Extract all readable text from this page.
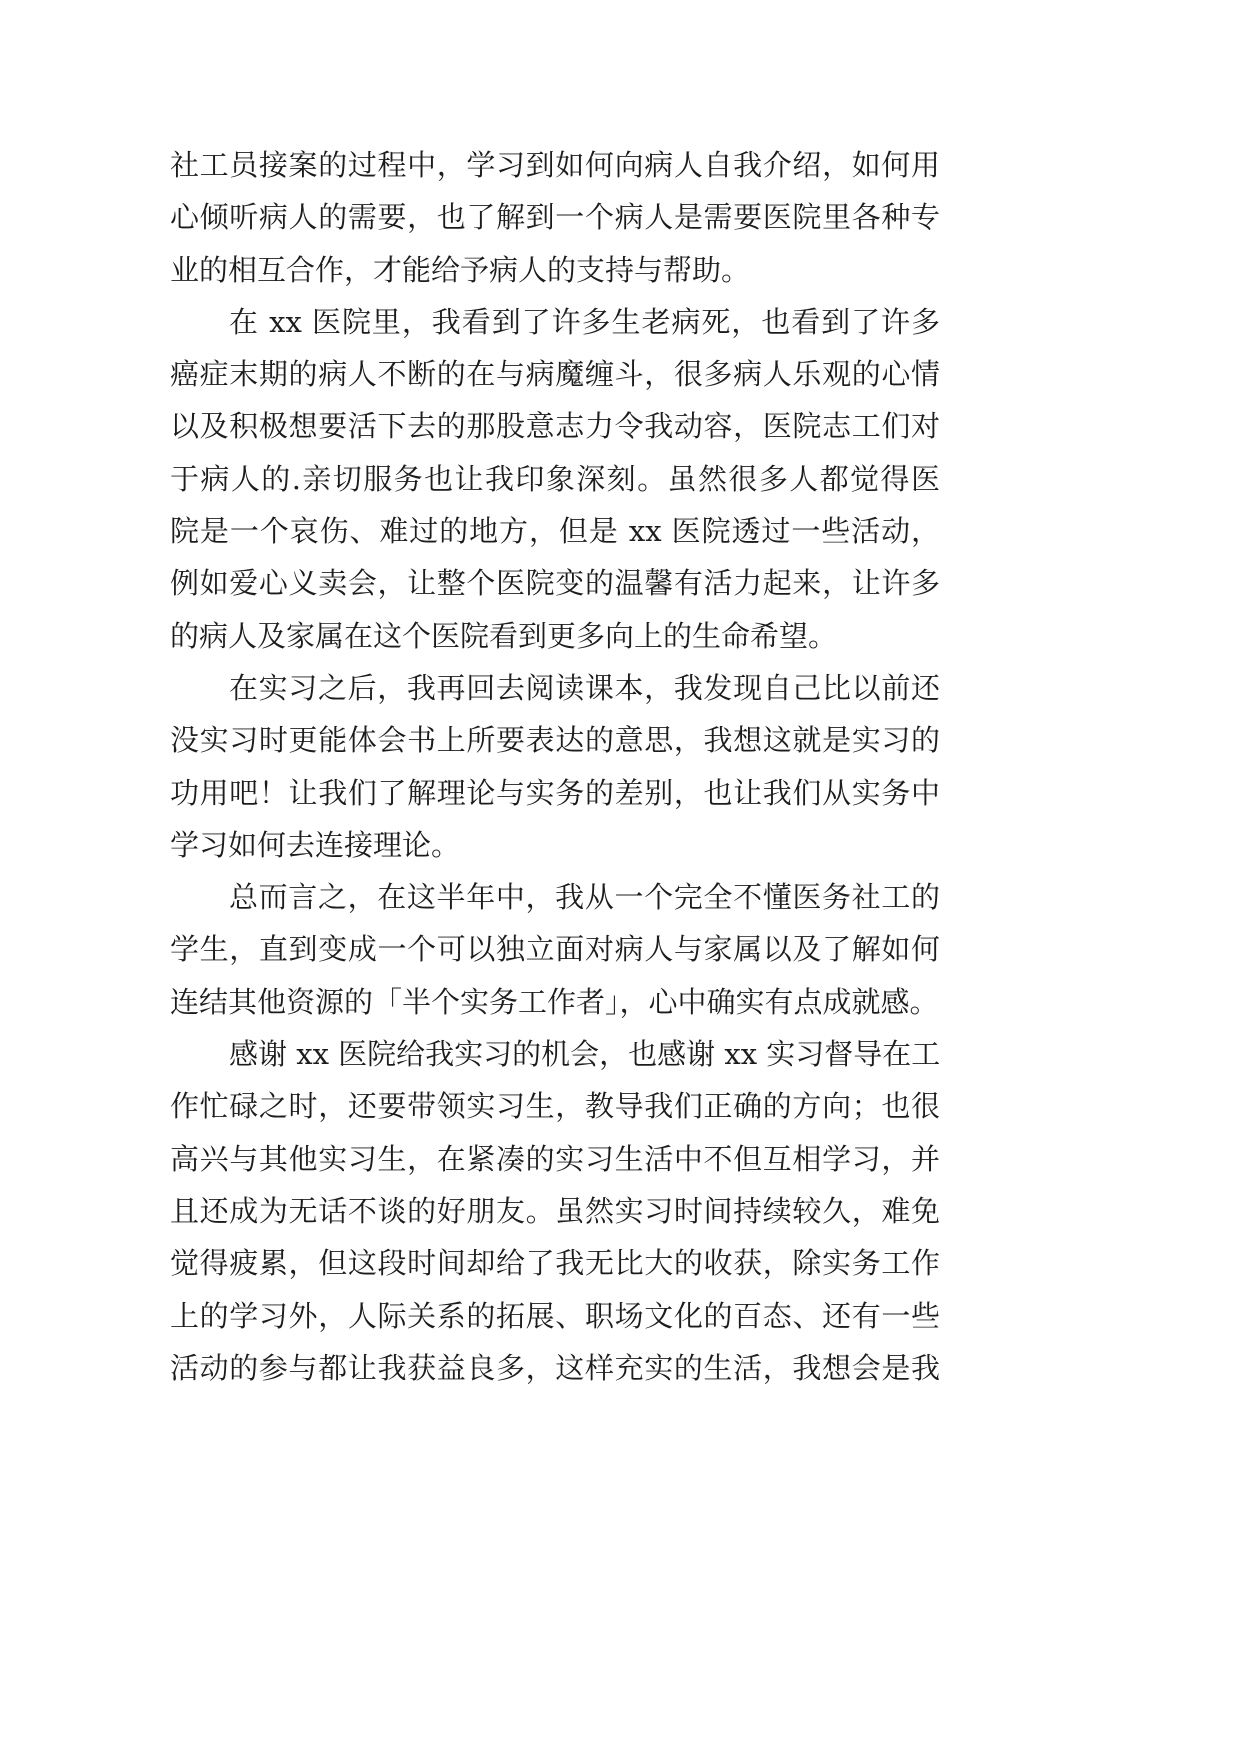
社工员接案的过程中，学习到如何向病人自我介绍，如何用
心倾听病人的需要，也了解到一个病人是需要医院里各种专
业的相互合作，才能给予病人的支持与帮助。
在 xx 医院里，我看到了许多生老病死，也看到了许多
癌症末期的病人不断的在与病魔缠斗，很多病人乐观的心情
以及积极想要活下去的那股意志力令我动容，医院志工们对
于病人的.亲切服务也让我印象深刻。虽然很多人都觉得医
院是一个哀伤、难过的地方，但是 xx 医院透过一些活动，
例如爱心义卖会，让整个医院变的温馨有活力起来，让许多
的病人及家属在这个医院看到更多向上的生命希望。
在实习之后，我再回去阅读课本，我发现自己比以前还
没实习时更能体会书上所要表达的意思，我想这就是实习的
功用吧！让我们了解理论与实务的差别，也让我们从实务中
学习如何去连接理论。
总而言之，在这半年中，我从一个完全不懂医务社工的
学生，直到变成一个可以独立面对病人与家属以及了解如何
连结其他资源的「半个实务工作者」，心中确实有点成就感。
感谢 xx 医院给我实习的机会，也感谢 xx 实习督导在工
作忙碌之时，还要带领实习生，教导我们正确的方向；也很
高兴与其他实习生，在紧凑的实习生活中不但互相学习，并
且还成为无话不谈的好朋友。虽然实习时间持续较久，难免
觉得疲累，但这段时间却给了我无比大的收获，除实务工作
上的学习外，人际关系的拓展、职场文化的百态、还有一些
活动的参与都让我获益良多，这样充实的生活，我想会是我
